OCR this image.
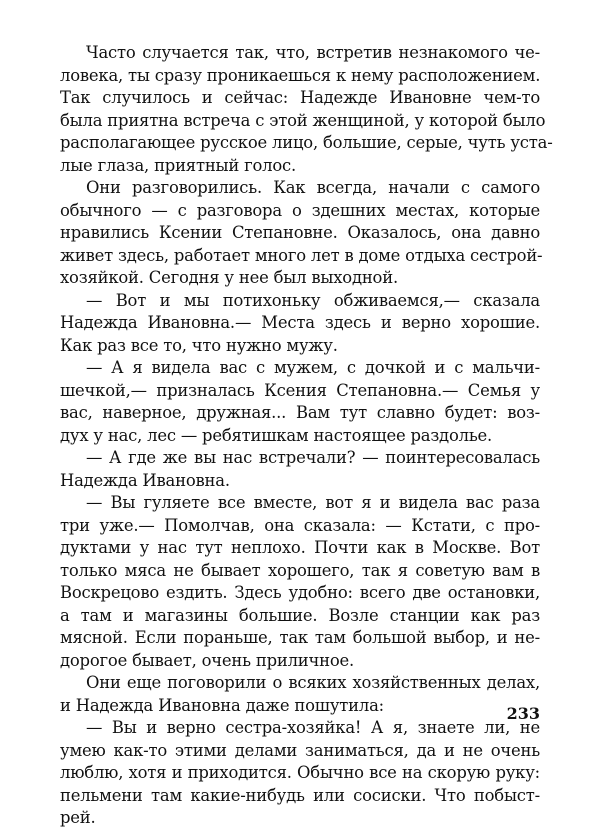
Часто случается так, что, встретив незнакомого че-
ловека, ты сразу проникаешься к нему расположением.
Так случилось и сейчас: Надежде Ивановне чем-то
была приятна встреча с этой женщиной, у которой было
располагающее русское лицо, большие, серые, чуть уста-
лые глаза, приятный голос.
Они разговорились. Как всегда, начали с самого
обычного — с разговора о здешних местах, которые
нравились Ксении Степановне. Оказалось, она давно
живет здесь, работает много лет в доме отдыха сестрой-
хозяйкой. Сегодня у нее был выходной.
— Вот и мы потихоньку обживаемся,— сказала
Надежда Ивановна.— Места здесь и верно хорошие.
Как раз все то, что нужно мужу.
— А я видела вас с мужем, с дочкой и с мальчи-
шечкой,— призналась Ксения Степановна.— Семья у
вас, наверное, дружная... Вам тут славно будет: воз-
дух у нас, лес — ребятишкам настоящее раздолье.
— А где же вы нас встречали? — поинтересовалась
Надежда Ивановна.
— Вы гуляете все вместе, вот я и видела вас раза
три уже.— Помолчав, она сказала: — Кстати, с про-
дуктами у нас тут неплохо. Почти как в Москве. Вот
только мяса не бывает хорошего, так я советую вам в
Воскрецово ездить. Здесь удобно: всего две остановки,
а там и магазины большие. Возле станции как раз
мясной. Если пораньше, так там большой выбор, и не-
дорогое бывает, очень приличное.
Они еще поговорили о всяких хозяйственных делах,
и Надежда Ивановна даже пошутила:
— Вы и верно сестра-хозяйка! А я, знаете ли, не
умею как-то этими делами заниматься, да и не очень
люблю, хотя и приходится. Обычно все на скорую руку:
пельмени там какие-нибудь или сосиски. Что побыст-
рей.
233
